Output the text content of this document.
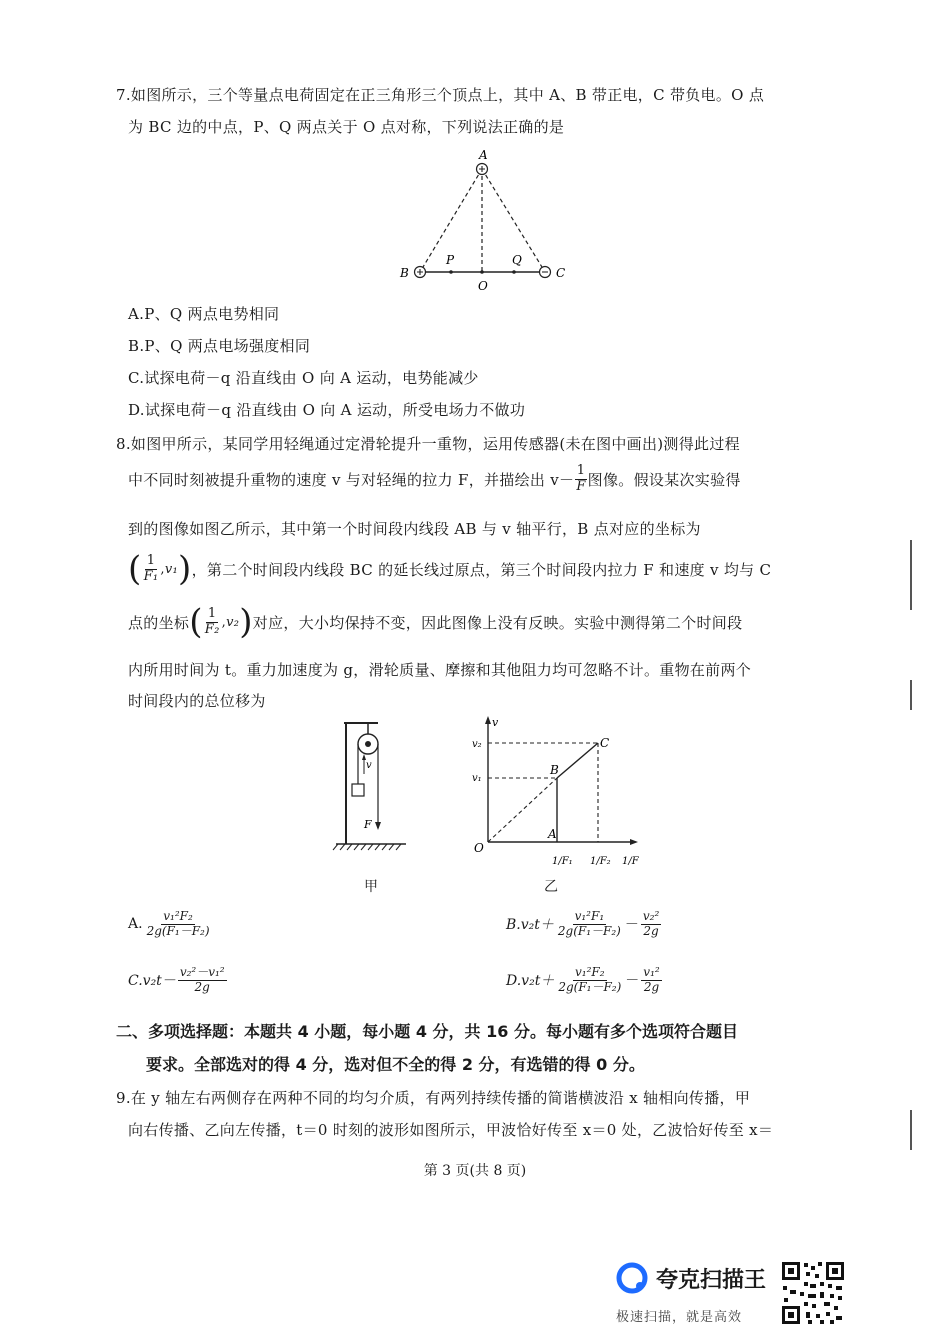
7.如图所示，三个等量点电荷固定在正三角形三个顶点上，其中 A、B 带正电，C 带负电。O 点
为 BC 边的中点，P、Q 两点关于 O 点对称，下列说法正确的是
A
B	C
O
P	Q
A.P、Q 两点电势相同
B.P、Q 两点电场强度相同
C.试探电荷－q 沿直线由 O 向 A 运动，电势能减少
D.试探电荷－q 沿直线由 O 向 A 运动，所受电场力不做功
8.如图甲所示，某同学用轻绳通过定滑轮提升一重物，运用传感器(未在图中画出)测得此过程
中不同时刻被提升重物的速度 v 与对轻绳的拉力 F，并描绘出 $v- \frac{1}{F}$ 图像。假设某次实验得
到的图像如图乙所示，其中第一个时间段内线段 AB 与 v 轴平行，B 点对应的坐标为
( $\frac{1}{\text{F₁}} ,v_1$ ) ，第二个时间段内线段 BC 的延长线过原点，第三个时间段内拉力 F 和速度 v 均与 C
点的坐标 ( $\frac{1}{\text{F₂}} ,v_2$ ) 对应，大小均保持不变，因此图像上没有反映。实验中测得第二个时间段
内所用时间为 t。重力加速度为 g，滑轮质量、摩擦和其他阻力均可忽略不计。重物在前两个
时间段内的总位移为
v
F
甲
v
v₂
v₁
O
A
B
C
1/F₁ 1/F₂ 1/F
乙
A. $\frac{\text{v₁²F₂}}{\text{2g(F₁－F₂)}}$	$B.v_2t+ \frac{\text{v₁²F₁}}{\text{2g(F₁－F₂)}} - \frac{\text{v₂²}}{2g}$
$C.v_2t- \frac{\text{v₂²－v₁²}}{2g}$	$D.v_2t+ \frac{\text{v₁²F₂}}{\text{2g(F₁－F₂)}} - \frac{\text{v₁²}}{2g}$
二、多项选择题：本题共 4 小题，每小题 4 分，共 16 分。每小题有多个选项符合题目
要求。全部选对的得 4 分，选对但不全的得 2 分，有选错的得 0 分。
9.在 y 轴左右两侧存在两种不同的均匀介质，有两列持续传播的简谐横波沿 x 轴相向传播，甲
向右传播、乙向左传播，t＝0 时刻的波形如图所示，甲波恰好传至 x＝0 处，乙波恰好传至 x＝
第 3 页(共 8 页)
夸克扫描王
极速扫描，就是高效
